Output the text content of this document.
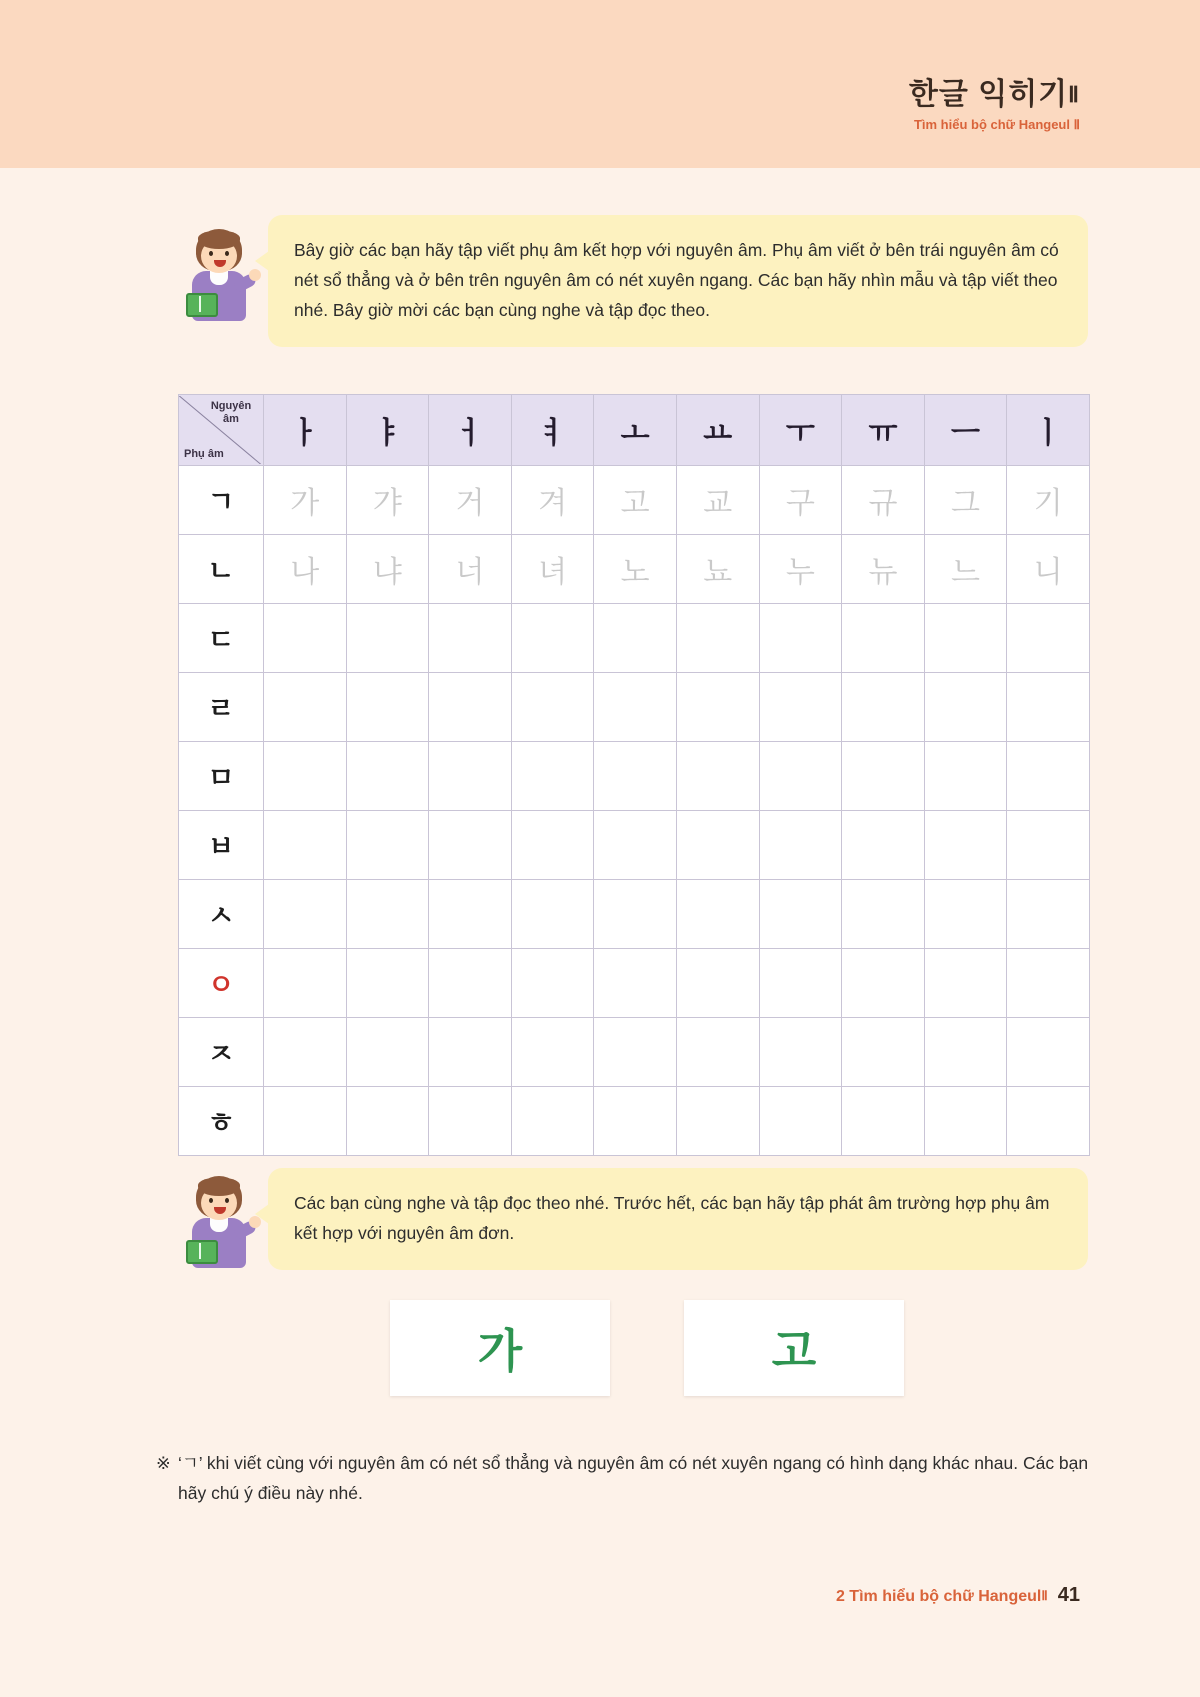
한글 익히기Ⅱ
Tìm hiểu bộ chữ Hangeul Ⅱ

Bây giờ các bạn hãy tập viết phụ âm kết hợp với nguyên âm. Phụ âm viết ở bên trái nguyên âm có nét sổ thẳng và ở bên trên nguyên âm có nét xuyên ngang. Các bạn hãy nhìn mẫu và tập viết theo nhé. Bây giờ mời các bạn cùng nghe và tập đọc theo.

Nguyên âm
Phụ âm	ㅏ	ㅑ	ㅓ	ㅕ	ㅗ	ㅛ	ㅜ	ㅠ	ㅡ	ㅣ
ㄱ	가	갸	거	겨	고	교	구	규	그	기
ㄴ	나	냐	너	녀	노	뇨	누	뉴	느	니
ㄷ										
ㄹ										
ㅁ										
ㅂ										
ㅅ										
ㅇ										
ㅈ										
ㅎ										

Các bạn cùng nghe và tập đọc theo nhé. Trước hết, các bạn hãy tập phát âm trường hợp phụ âm kết hợp với nguyên âm đơn.

가	고
※ ‘ㄱ’ khi viết cùng với nguyên âm có nét sổ thẳng và nguyên âm có nét xuyên ngang có hình dạng khác nhau. Các bạn hãy chú ý điều này nhé.
2 Tìm hiểu bộ chữ HangeulⅡ 41
